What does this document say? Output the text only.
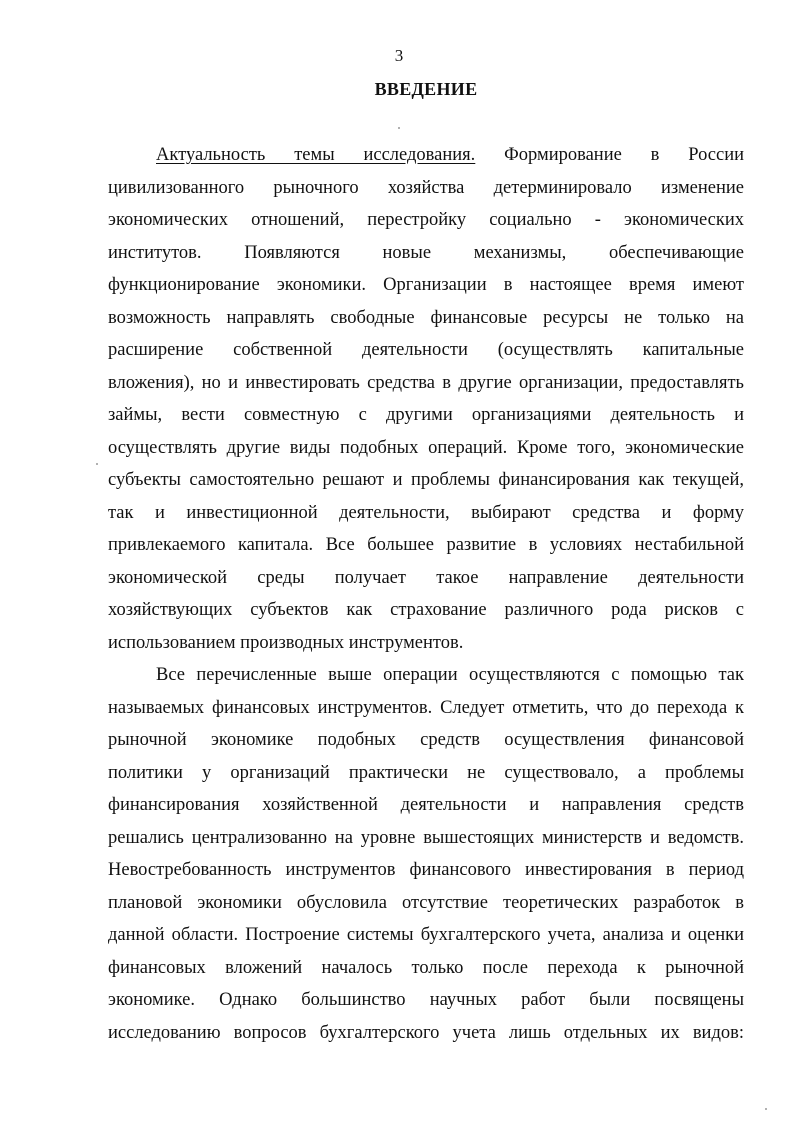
3
ВВЕДЕНИЕ
Актуальность темы исследования. Формирование в России
цивилизованного рыночного хозяйства детерминировало изменение
экономических отношений, перестройку социально - экономических
институтов. Появляются новые механизмы, обеспечивающие
функционирование экономики. Организации в настоящее время имеют
возможность направлять свободные финансовые ресурсы не только на
расширение собственной деятельности (осуществлять капитальные
вложения), но и инвестировать средства в другие организации, предоставлять
займы, вести совместную с другими организациями деятельность и
осуществлять другие виды подобных операций. Кроме того, экономические
субъекты самостоятельно решают и проблемы финансирования как текущей,
так и инвестиционной деятельности, выбирают средства и форму
привлекаемого капитала. Все большее развитие в условиях нестабильной
экономической среды получает такое направление деятельности
хозяйствующих субъектов как страхование различного рода рисков с
использованием производных инструментов.
Все перечисленные выше операции осуществляются с помощью так
называемых финансовых инструментов. Следует отметить, что до перехода к
рыночной экономике подобных средств осуществления финансовой
политики у организаций практически не существовало, а проблемы
финансирования хозяйственной деятельности и направления средств
решались централизованно на уровне вышестоящих министерств и ведомств.
Невостребованность инструментов финансового инвестирования в период
плановой экономики обусловила отсутствие теоретических разработок в
данной области. Построение системы бухгалтерского учета, анализа и оценки
финансовых вложений началось только после перехода к рыночной
экономике. Однако большинство научных работ были посвящены
исследованию вопросов бухгалтерского учета лишь отдельных их видов:
